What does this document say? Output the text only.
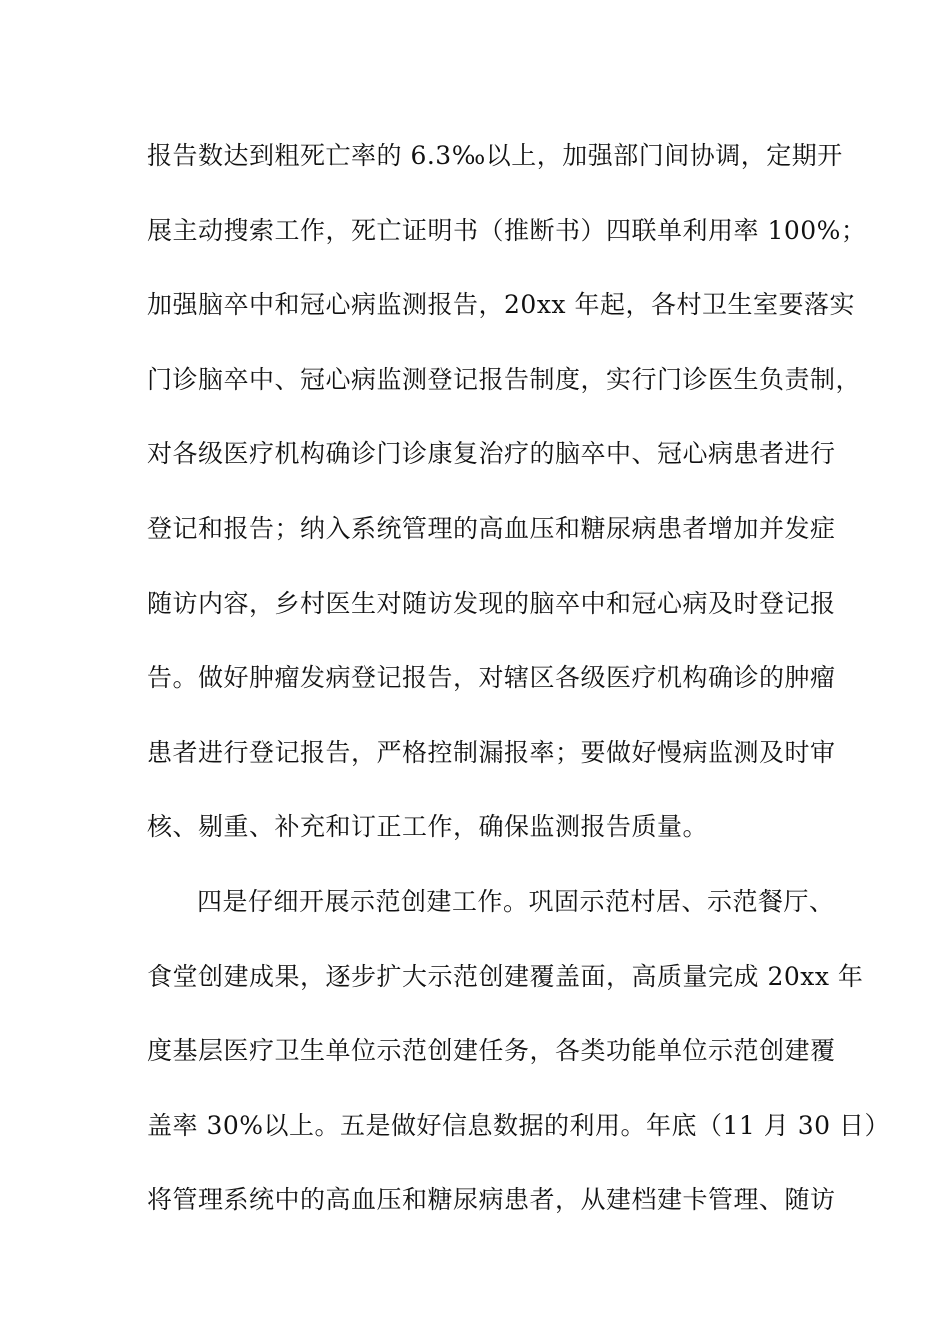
报告数达到粗死亡率的 6.3‰以上，加强部门间协调，定期开
展主动搜索工作，死亡证明书（推断书）四联单利用率 100%；
加强脑卒中和冠心病监测报告，20xx 年起，各村卫生室要落实
门诊脑卒中、冠心病监测登记报告制度，实行门诊医生负责制，
对各级医疗机构确诊门诊康复治疗的脑卒中、冠心病患者进行
登记和报告；纳入系统管理的高血压和糖尿病患者增加并发症
随访内容，乡村医生对随访发现的脑卒中和冠心病及时登记报
告。做好肿瘤发病登记报告，对辖区各级医疗机构确诊的肿瘤
患者进行登记报告，严格控制漏报率；要做好慢病监测及时审
核、剔重、补充和订正工作，确保监测报告质量。
四是仔细开展示范创建工作。巩固示范村居、示范餐厅、
食堂创建成果，逐步扩大示范创建覆盖面，高质量完成 20xx 年
度基层医疗卫生单位示范创建任务，各类功能单位示范创建覆
盖率 30%以上。五是做好信息数据的利用。年底（11 月 30 日）
将管理系统中的高血压和糖尿病患者，从建档建卡管理、随访
